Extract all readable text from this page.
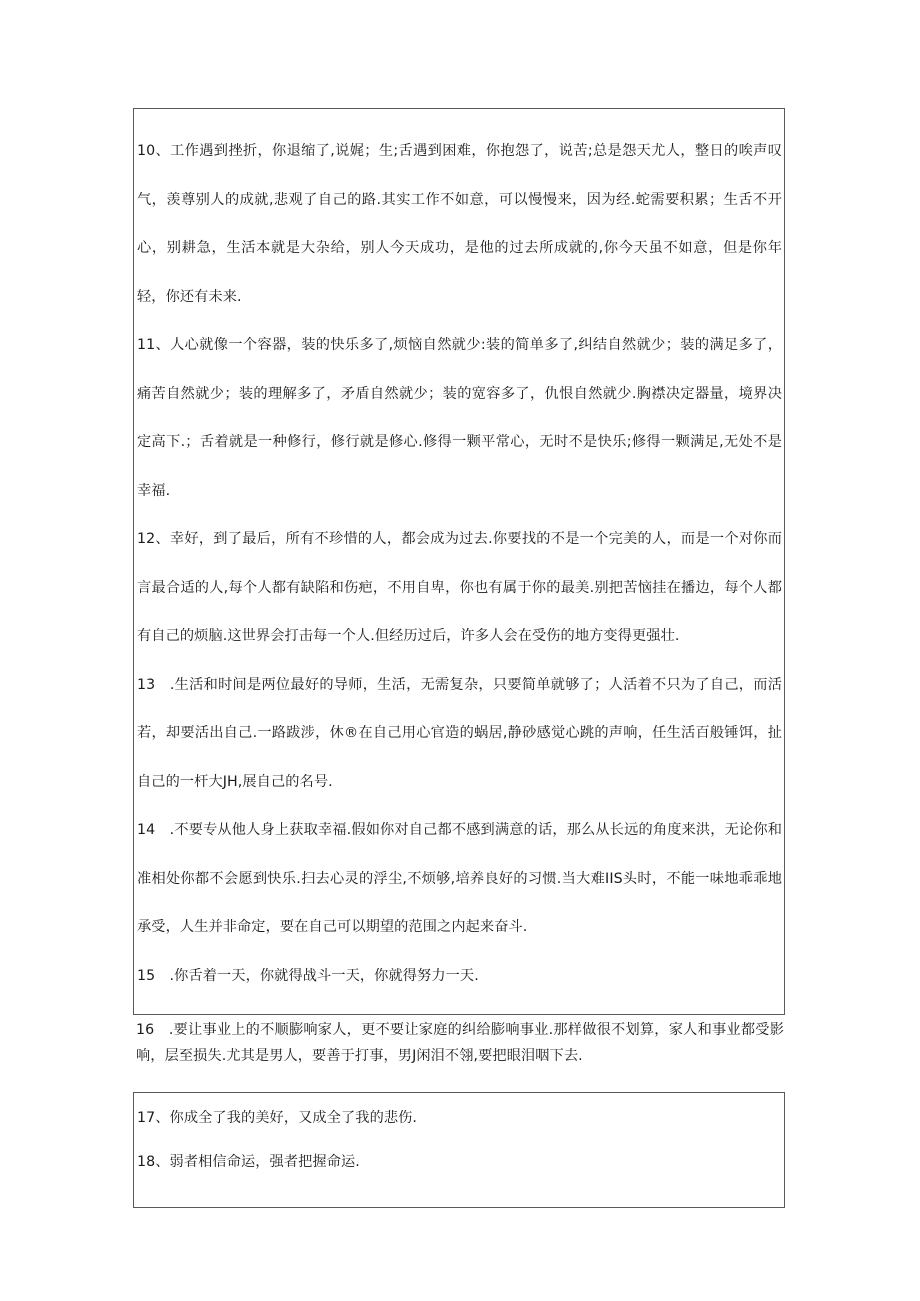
10、工作遇到挫折，你退缩了,说娓；生;舌遇到困难，你抱怨了，说苦;总是怨天尤人，整日的唉声叹气，羡尊别人的成就,悲观了自己的路.其实工作不如意，可以慢慢来，因为经.蛇需要积累；生舌不开心，别耕急，生活本就是大杂给，别人今天成功，是他的过去所成就的,你今天虽不如意，但是你年轻，你还有未来.

11、人心就像一个容器，装的快乐多了,烦恼自然就少:装的简单多了,纠结自然就少；装的满足多了，痛苦自然就少；装的理解多了，矛盾自然就少；装的宽容多了，仇恨自然就少.胸襟决定器量，境界决定高下.；舌着就是一种修行，修行就是修心.修得一颗平常心，无时不是快乐;修得一颗满足,无处不是幸福.

12、幸好，到了最后，所有不珍惜的人，都会成为过去.你要找的不是一个完美的人，而是一个对你而言最合适的人,每个人都有缺陷和伤疤，不用自卑，你也有属于你的最美.别把苦恼挂在播边，每个人都有自己的烦脑.这世界会打击每一个人.但经历过后，许多人会在受伤的地方变得更强壮.

13　.生活和时间是两位最好的导师，生活，无需复杂，只要简单就够了；人活着不只为了自己，而活若，却要活出自己.一路跋涉，休®在自己用心官造的蜗居,静砂感觉心跳的声响，任生活百般锤饵，扯自己的一杆大JH,展自己的名号.

14　.不要专从他人身上获取幸福.假如你对自己都不感到满意的话，那么从长远的角度来洪，无论你和准相处你都不会愿到快乐.扫去心灵的浮尘,不烦够,培养良好的习惯.当大难IIS头时，不能一味地乖乖地承受，人生并非命定，要在自己可以期望的范围之内起来奋斗.

15　.你舌着一天，你就得战斗一天，你就得努力一天.

16　.要让事业上的不顺膨响家人，更不要让家庭的纠给膨响事业.那样做很不划算，家人和事业都受影响，层至损失.尤其是男人，要善于打事，男J闲泪不翎,要把眼泪咽下去.

17、你成全了我的美好，又成全了我的悲伤.

18、弱者相信命运，强者把握命运.
